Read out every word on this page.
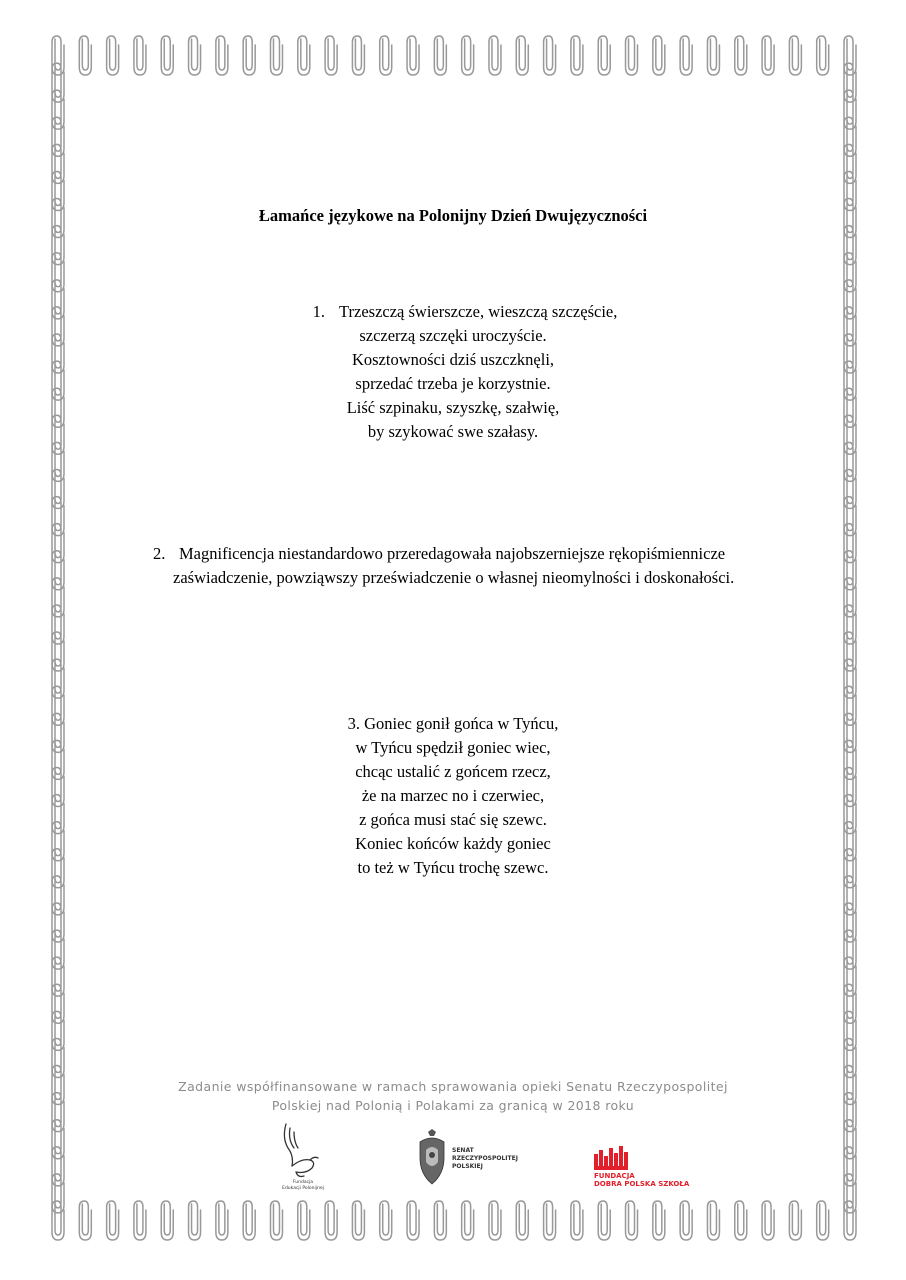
Łamańce językowe na Polonijny Dzień Dwujęzyczności
1. Trzeszczą świerszcze, wieszczą szczęście,
szczerzą szczęki uroczyście.
Kosztowności dziś uszczknęli,
sprzedać trzeba je korzystnie.
Liść szpinaku, szyszkę, szałwię,
by szykować swe szałasy.
2. Magnificencja niestandardowo przeredagowała najobszerniejsze rękopiśmiennicze
zaświadczenie, powziąwszy przeświadczenie o własnej nieomylności i doskonałości.
3. Goniec gonił gońca w Tyńcu,
w Tyńcu spędził goniec wiec,
chcąc ustalić z gońcem rzecz,
że na marzec no i czerwiec,
z gońca musi stać się szewc.
Koniec końców każdy goniec
to też w Tyńcu trochę szewc.
Zadanie współfinansowane w ramach sprawowania opieki Senatu Rzeczypospolitej
Polskiej nad Polonią i Polakami za granicą w 2018 roku
Fundacja
Edukacji Polonijnej
SENAT
RZECZYPOSPOLITEJ
POLSKIEJ
FUNDACJA
DOBRA POLSKA SZKOŁA
